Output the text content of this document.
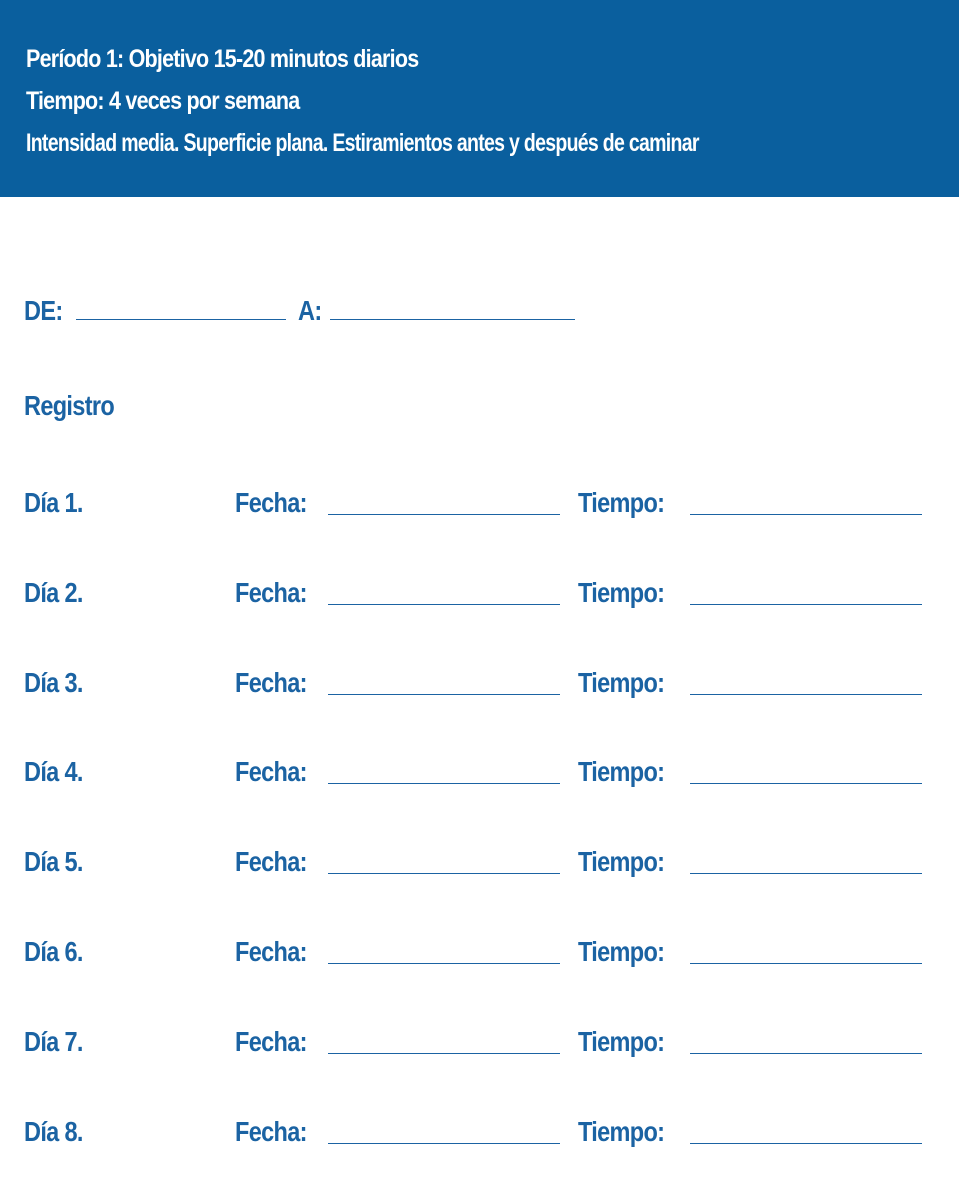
Período 1: Objetivo 15-20 minutos diarios
Tiempo: 4 veces por semana
Intensidad media. Superficie plana. Estiramientos antes y después de caminar
DE:	A:
Registro
Día 1.	Fecha:	Tiempo:
Día 2.	Fecha:	Tiempo:
Día 3.	Fecha:	Tiempo:
Día 4.	Fecha:	Tiempo:
Día 5.	Fecha:	Tiempo:
Día 6.	Fecha:	Tiempo:
Día 7.	Fecha:	Tiempo:
Día 8.	Fecha:	Tiempo:
